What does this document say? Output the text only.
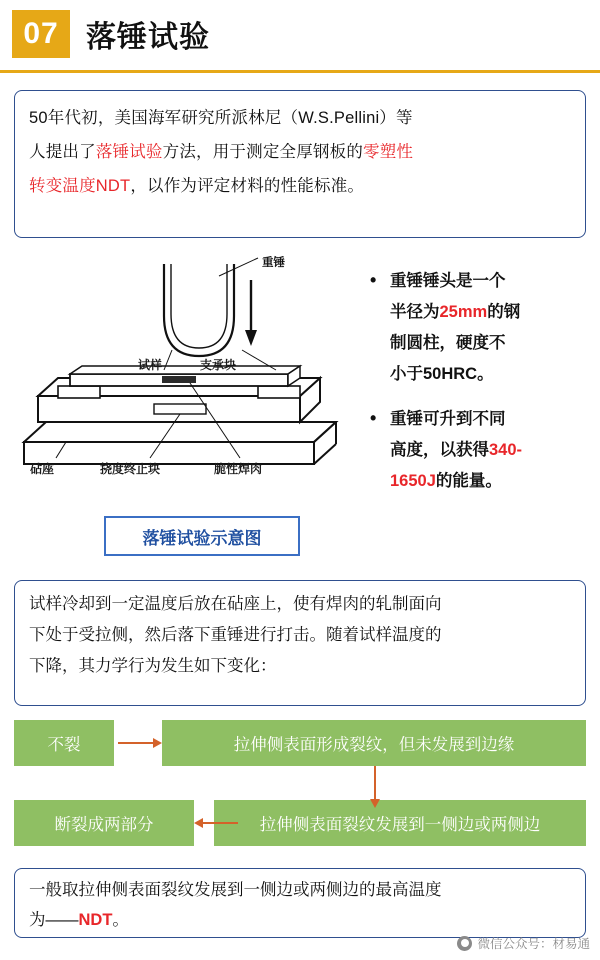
07 落锤试验
50年代初，美国海军研究所派林尼（W.S.Pellini）等
人提出了落锤试验方法，用于测定全厚钢板的零塑性
转变温度NDT，以作为评定材料的性能标准。
重锤
试样	支承块
砧座	挠度终止块	脆性焊肉
落锤试验示意图
• 重锤锤头是一个
半径为25mm的钢
制圆柱，硬度不
小于50HRC。
• 重锤可升到不同
高度，以获得340-
1650J的能量。
试样冷却到一定温度后放在砧座上，使有焊肉的轧制面向
下处于受拉侧，然后落下重锤进行打击。随着试样温度的
下降，其力学行为发生如下变化：
不裂	拉伸侧表面形成裂纹，但未发展到边缘
断裂成两部分	拉伸侧表面裂纹发展到一侧边或两侧边
一般取拉伸侧表面裂纹发展到一侧边或两侧边的最高温度
为——NDT。
微信公众号：材易通
